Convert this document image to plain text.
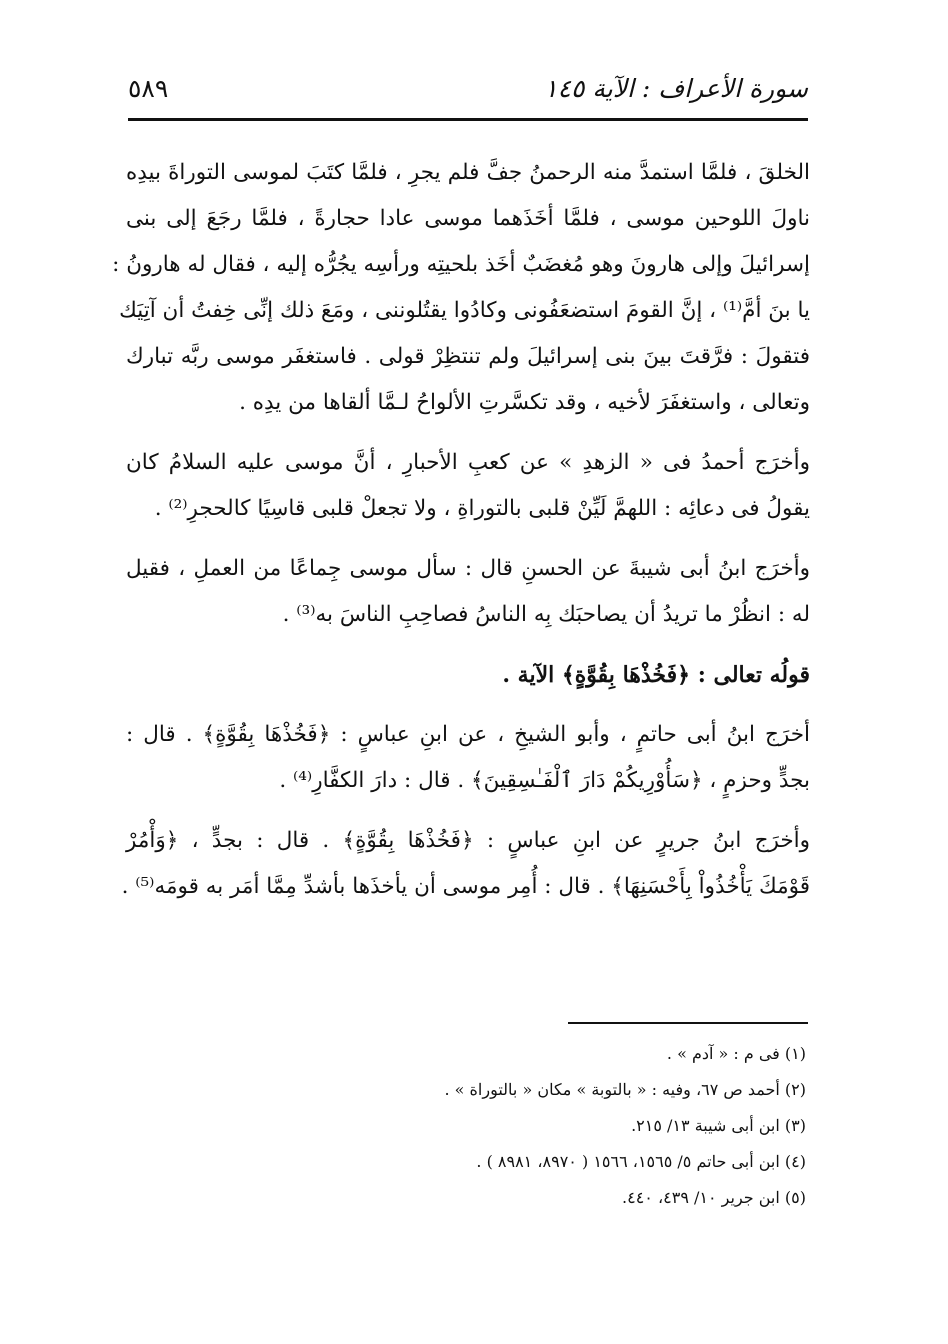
سورة الأعراف : الآية ١٤٥
٥٨٩
الخلقَ ، فلمَّا استمدَّ منه الرحمنُ جفَّ فلم يجرِ ، فلمَّا كتَبَ لموسى التوراةَ بيدِه
ناولَ اللوحين موسى ، فلمَّا أخَذَهما موسى عادا حجارةً ، فلمَّا رجَعَ إلى بنى
إسرائيلَ وإلى هارونَ وهو مُغضَبٌ أخَذ بلحيتِه ورأسِه يجُرُّه إليه ، فقال له هارونُ :
يا بنَ أمَّ⁽¹⁾ ، إنَّ القومَ استضعَفُونى وكادُوا يقتُلوننى ، ومَعَ ذلك إنِّى خِفتُ أن آتِيَك
فتقولَ : فرَّقتَ بينَ بنى إسرائيلَ ولم تنتظِرْ قولى . فاستغفَر موسى ربَّه تبارك
وتعالى ، واستغفَرَ لأخيه ، وقد تكسَّرتِ الألواحُ لـمَّا ألقاها من يدِه .
وأخرَج أحمدُ فى « الزهدِ » عن كعبِ الأحبارِ ، أنَّ موسى عليه السلامُ كان
يقولُ فى دعائِه : اللهمَّ لَيِّنْ قلبى بالتوراةِ ، ولا تجعلْ قلبى قاسِيًا كالحجرِ⁽²⁾ .
وأخرَج ابنُ أبى شيبةَ عن الحسنِ قال : سأل موسى جِماعًا من العملِ ، فقيل
له : انظُرْ ما تريدُ أن يصاحبَك بِه الناسُ فصاحِبِ الناسَ به⁽³⁾ .
قولُه تعالى : ﴿فَخُذْهَا بِقُوَّةٍ﴾ الآية .
أخرَج ابنُ أبى حاتمٍ ، وأبو الشيخِ ، عن ابنِ عباسٍ : ﴿فَخُذْهَا بِقُوَّةٍ﴾ . قال :
بجدٍّ وحزمٍ ، ﴿سَأُوْرِيكُمْ دَارَ ٱلْفَـٰسِقِينَ﴾ . قال : دارَ الكفَّارِ⁽⁴⁾ .
وأخرَج ابنُ جريرٍ عن ابنِ عباسٍ : ﴿فَخُذْهَا بِقُوَّةٍ﴾ . قال : بجدٍّ ، ﴿وَأْمُرْ
قَوْمَكَ يَأْخُذُواْ بِأَحْسَنِهَا﴾ . قال : أُمِر موسى أن يأخذَها بأشدِّ مِمَّا أمَر به قومَه⁽⁵⁾ .
(١) فى م : « آدم » .
(٢) أحمد ص ٦٧، وفيه : « بالتوبة » مكان « بالتوراة » .
(٣) ابن أبى شيبة ١٣/ ٢١٥.
(٤) ابن أبى حاتم ٥/ ١٥٦٥، ١٥٦٦ ( ٨٩٧٠، ٨٩٨١ ) .
(٥) ابن جرير ١٠/ ٤٣٩، ٤٤٠.
